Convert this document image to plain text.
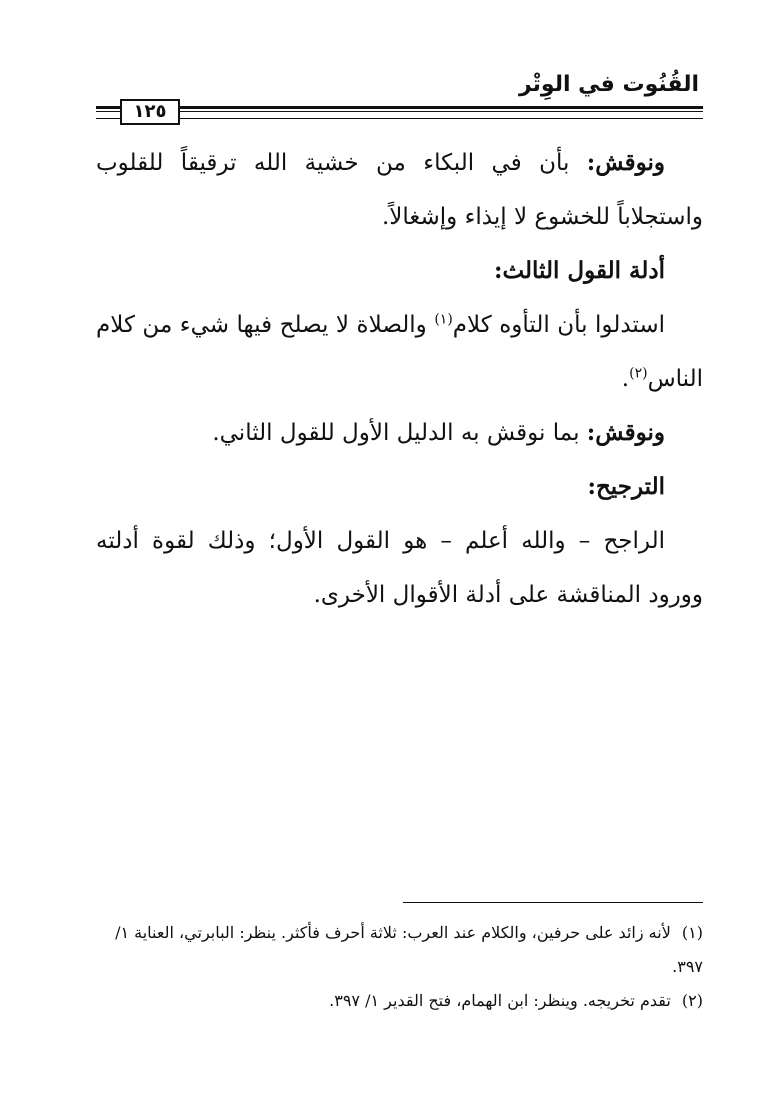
القُنُوت في الوِتْر
١٢٥

ونوقش: بأن في البكاء من خشية الله ترقيقاً للقلوب واستجلاباً للخشوع لا إيذاء وإشغالاً.

أدلة القول الثالث:

استدلوا بأن التأوه كلام$^{(١)}$ والصلاة لا يصلح فيها شيء من كلام الناس$^{(٢)}$.

ونوقش: بما نوقش به الدليل الأول للقول الثاني.

الترجيح:

الراجح – والله أعلم – هو القول الأول؛ وذلك لقوة أدلته وورود المناقشة على أدلة الأقوال الأخرى.

(١) لأنه زائد على حرفين، والكلام عند العرب: ثلاثة أحرف فأكثر. ينظر: البابرتي، العناية ١/ ٣٩٧.

(٢) تقدم تخريجه. وينظر: ابن الهمام، فتح القدير ١/ ٣٩٧.
